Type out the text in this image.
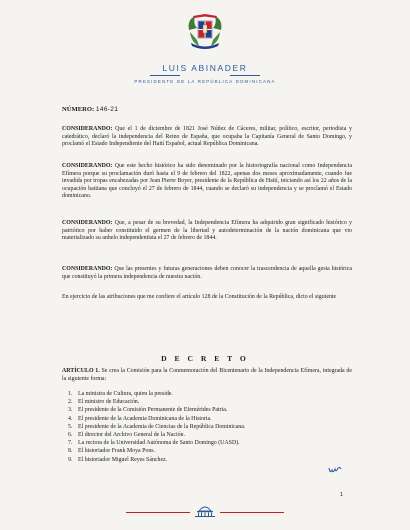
LUIS ABINADER
PRESIDENTE DE LA REPÚBLICA DOMINICANA
NÚMERO: 146-21

CONSIDERANDO: Que el 1 de diciembre de 1821 José Núñez de Cáceres, militar, político, escritor, periodista y catedrático, declaró la independencia del Reino de España, que ocupaba la Capitanía General de Santo Domingo, y proclamó el Estado Independiente del Haití Español, actual República Dominicana.

CONSIDERANDO: Que este hecho histórico ha sido denominado por la historiografía nacional como Independencia Efímera porque su proclamación duró hasta el 9 de febrero del 1822, apenas dos meses aproximadamente, cuando fue invadida por tropas encabezadas por Jean Pierre Boyer, presidente de la República de Haití, iniciando así los 22 años de la ocupación haitiana que concluyó el 27 de febrero de 1844, cuando se declaró su independencia y se proclamó el Estado dominicano.

CONSIDERANDO: Que, a pesar de su brevedad, la Independencia Efímera ha adquirido gran significado histórico y patriótico por haber constituido el germen de la libertad y autodeterminación de la nación dominicana que vio materializado su anhelo independentista el 27 de febrero de 1844.

CONSIDERANDO: Que las presentes y futuras generaciones deben conocer la trascendencia de aquella gesta histórica que constituyó la primera independencia de nuestra nación.

En ejercicio de las atribuciones que me confiere el artículo 128 de la Constitución de la República, dicto el siguiente

D E C R E T O

ARTÍCULO 1. Se crea la Comisión para la Conmemoración del Bicentenario de la Independencia Efímera, integrada de la siguiente forma:

1. La ministra de Cultura, quien la preside.
2. El ministro de Educación.
3. El presidente de la Comisión Permanente de Efemérides Patria.
4. El presidente de la Academia Dominicana de la Historia.
5. El presidente de la Academia de Ciencias de la República Dominicana.
6. El director del Archivo General de la Nación.
7. La rectora de la Universidad Autónoma de Santo Domingo (UASD).
8. El historiador Frank Moya Pons.
9. El historiador Miguel Reyes Sánchez.
1
